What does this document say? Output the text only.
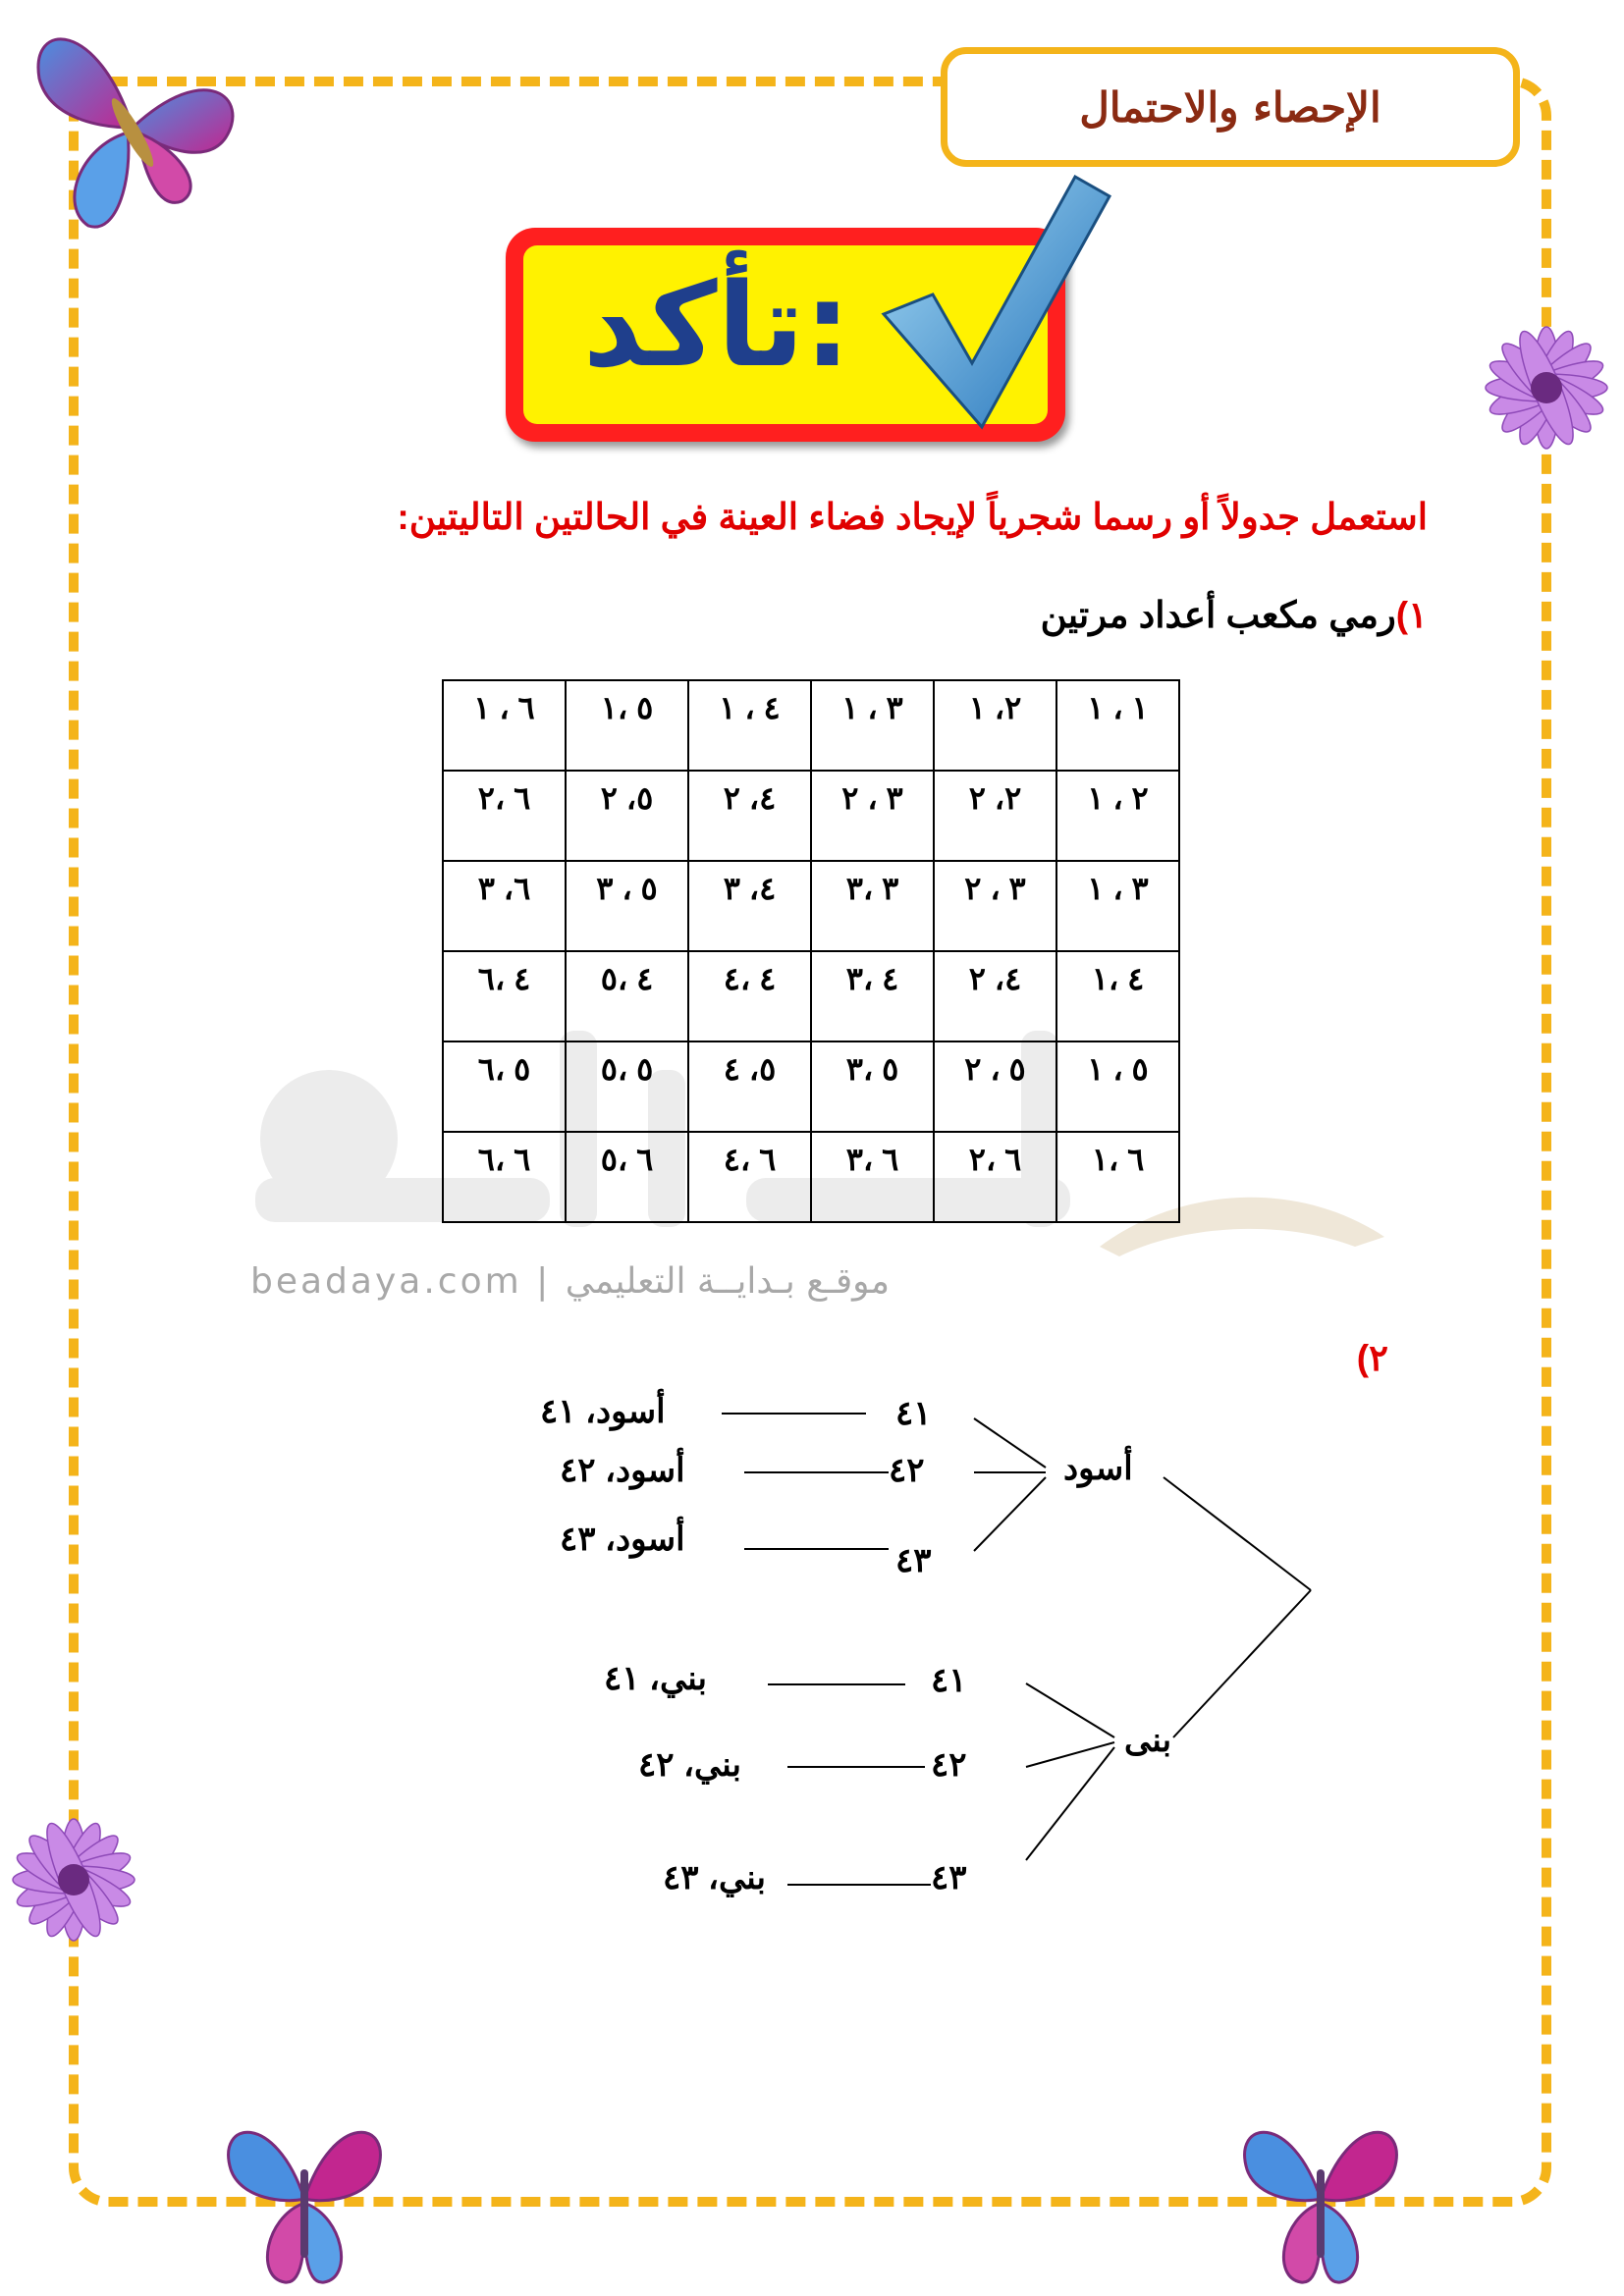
الإحصاء والاحتمال
تأكد:
استعمل جدولاً أو رسما شجرياً لإيجاد فضاء العينة في الحالتين التاليتين:
١)رمي مكعب أعداد مرتين
beadaya.com | موقـع بـدايــة التعليمي
١ ، ١	٢، ١	٣ ، ١	٤ ، ١	٥ ،١	٦ ، ١
٢ ، ١	٢، ٢	٣ ، ٢	٤، ٢	٥، ٢	٦ ،٢
٣ ، ١	٣ ، ٢	٣ ،٣	٤، ٣	٥ ، ٣	٦، ٣
٤ ،١	٤، ٢	٤ ،٣	٤ ،٤	٤ ،٥	٤ ،٦
٥ ، ١	٥ ، ٢	٥ ،٣	٥، ٤	٥ ،٥	٥ ،٦
٦ ،١	٦ ،٢	٦ ،٣	٦ ،٤	٦ ،٥	٦ ،٦
٢)
أسود
٤١
٤٢
٤٣
أسود، ٤١
أسود، ٤٢
أسود، ٤٣
بنى
٤١
٤٢
٤٣
بني، ٤١
بني، ٤٢
بني، ٤٣
